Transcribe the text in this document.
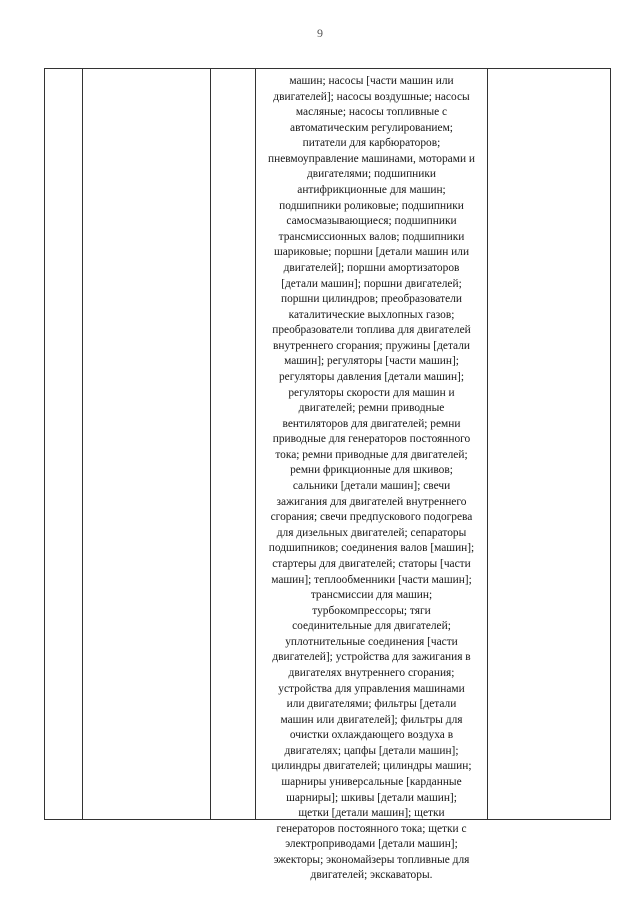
9
машин; насосы [части машин или
двигателей]; насосы воздушные; насосы
масляные; насосы топливные с
автоматическим регулированием;
питатели для карбюраторов;
пневмоуправление машинами, моторами и
двигателями; подшипники
антифрикционные для машин;
подшипники роликовые; подшипники
самосмазывающиеся; подшипники
трансмиссионных валов; подшипники
шариковые; поршни [детали машин или
двигателей]; поршни амортизаторов
[детали машин]; поршни двигателей;
поршни цилиндров; преобразователи
каталитические выхлопных газов;
преобразователи топлива для двигателей
внутреннего сгорания; пружины [детали
машин]; регуляторы [части машин];
регуляторы давления [детали машин];
регуляторы скорости для машин и
двигателей; ремни приводные
вентиляторов для двигателей; ремни
приводные для генераторов постоянного
тока; ремни приводные для двигателей;
ремни фрикционные для шкивов;
сальники [детали машин]; свечи
зажигания для двигателей внутреннего
сгорания; свечи предпускового подогрева
для дизельных двигателей; сепараторы
подшипников; соединения валов [машин];
стартеры для двигателей; статоры [части
машин]; теплообменники [части машин];
трансмиссии для машин;
турбокомпрессоры; тяги
соединительные для двигателей;
уплотнительные соединения [части
двигателей]; устройства для зажигания в
двигателях внутреннего сгорания;
устройства для управления машинами
или двигателями; фильтры [детали
машин или двигателей]; фильтры для
очистки охлаждающего воздуха в
двигателях; цапфы [детали машин];
цилиндры двигателей; цилиндры машин;
шарниры универсальные [карданные
шарниры]; шкивы [детали машин];
щетки [детали машин]; щетки
генераторов постоянного тока; щетки с
электроприводами [детали машин];
эжекторы; экономайзеры топливные для
двигателей; экскаваторы.
